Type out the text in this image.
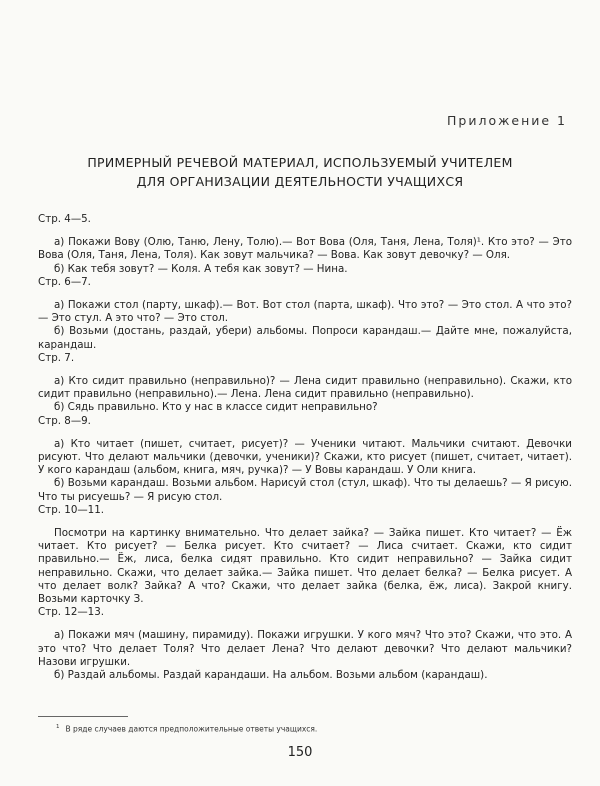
Приложение 1
ПРИМЕРНЫЙ РЕЧЕВОЙ МАТЕРИАЛ, ИСПОЛЬЗУЕМЫЙ УЧИТЕЛЕМ
ДЛЯ ОРГАНИЗАЦИИ ДЕЯТЕЛЬНОСТИ УЧАЩИХСЯ
Стр. 4—5.

а) Покажи Вову (Олю, Таню, Лену, Толю).— Вот Вова (Оля, Таня, Лена, Толя)¹. Кто это? — Это Вова (Оля, Таня, Лена, Толя). Как зовут мальчика? — Вова. Как зовут девочку? — Оля.

б) Как тебя зовут? — Коля. А тебя как зовут? — Нина.

Стр. 6—7.

а) Покажи стол (парту, шкаф).— Вот. Вот стол (парта, шкаф). Что это? — Это стол. А что это? — Это стул. А это что? — Это стол.

б) Возьми (достань, раздай, убери) альбомы. Попроси карандаш.— Дайте мне, пожалуйста, карандаш.

Стр. 7.

а) Кто сидит правильно (неправильно)? — Лена сидит правильно (неправильно). Скажи, кто сидит правильно (неправильно).— Лена. Лена сидит правильно (неправильно).

б) Сядь правильно. Кто у нас в классе сидит неправильно?

Стр. 8—9.

а) Кто читает (пишет, считает, рисует)? — Ученики читают. Мальчики считают. Девочки рисуют. Что делают мальчики (девочки, ученики)? Скажи, кто рисует (пишет, считает, читает). У кого карандаш (альбом, книга, мяч, ручка)? — У Вовы карандаш. У Оли книга.

б) Возьми карандаш. Возьми альбом. Нарисуй стол (стул, шкаф). Что ты делаешь? — Я рисую. Что ты рисуешь? — Я рисую стол.

Стр. 10—11.

Посмотри на картинку внимательно. Что делает зайка? — Зайка пишет. Кто читает? — Ёж читает. Кто рисует? — Белка рисует. Кто считает? — Лиса считает. Скажи, кто сидит правильно.— Ёж, лиса, белка сидят правильно. Кто сидит неправильно? — Зайка сидит неправильно. Скажи, что делает зайка.— Зайка пишет. Что делает белка? — Белка рисует. А что делает волк? Зайка? А что? Скажи, что делает зайка (белка, ёж, лиса). Закрой книгу. Возьми карточку З.

Стр. 12—13.

а) Покажи мяч (машину, пирамиду). Покажи игрушки. У кого мяч? Что это? Скажи, что это. А это что? Что делает Толя? Что делает Лена? Что делают девочки? Что делают мальчики? Назови игрушки.

б) Раздай альбомы. Раздай карандаши. На альбом. Возьми альбом (карандаш).

$^1$ В ряде случаев даются предположительные ответы учащихся.
150
